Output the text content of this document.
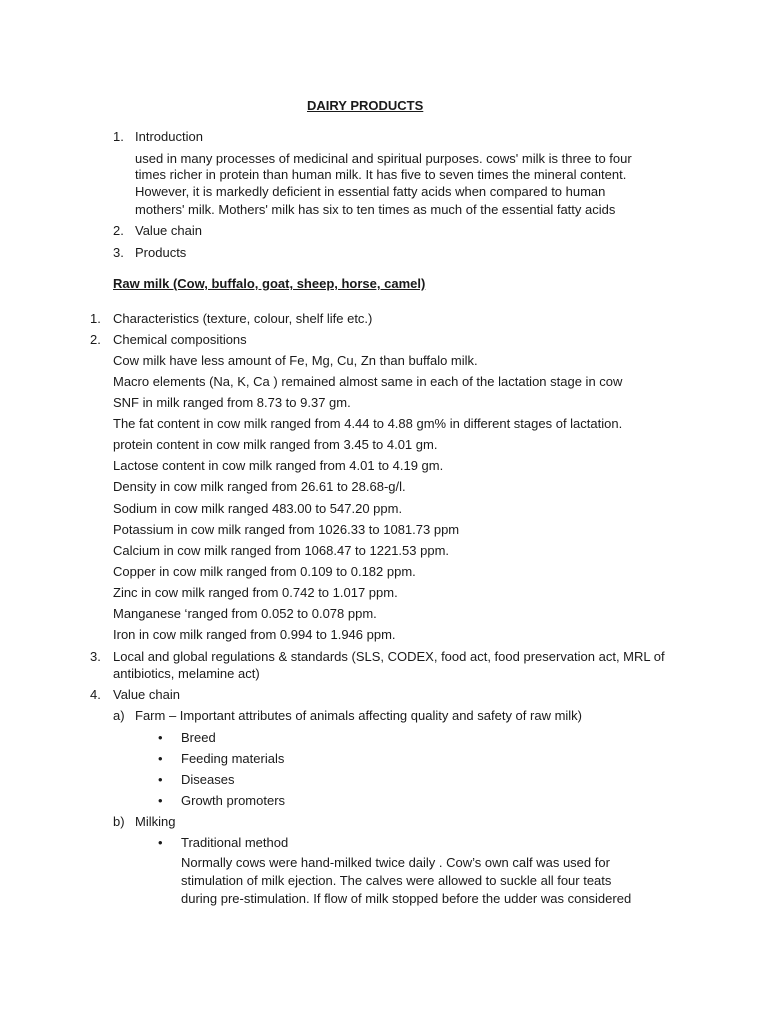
DAIRY PRODUCTS
1. Introduction
used in many processes of medicinal and spiritual purposes. cows' milk is three to four
times richer in protein than human milk. It has five to seven times the mineral content.
However, it is markedly deficient in essential fatty acids when compared to human
mothers' milk. Mothers' milk has six to ten times as much of the essential fatty acids
2. Value chain
3. Products
Raw milk (Cow, buffalo, goat, sheep, horse, camel)
1. Characteristics (texture, colour, shelf life etc.)
2. Chemical compositions
Cow milk have less amount of Fe, Mg, Cu, Zn than buffalo milk.
Macro elements (Na, K, Ca ) remained almost same in each of the lactation stage in cow
SNF in milk ranged from 8.73 to 9.37 gm.
The fat content in cow milk ranged from 4.44 to 4.88 gm% in different stages of lactation.
protein content in cow milk ranged from 3.45 to 4.01 gm.
Lactose content in cow milk ranged from 4.01 to 4.19 gm.
Density in cow milk ranged from 26.61 to 28.68-g/l.
Sodium in cow milk ranged 483.00 to 547.20 ppm.
Potassium in cow milk ranged from 1026.33 to 1081.73 ppm
Calcium in cow milk ranged from 1068.47 to 1221.53 ppm.
Copper in cow milk ranged from 0.109 to 0.182 ppm.
Zinc in cow milk ranged from 0.742 to 1.017 ppm.
Manganese ‘ranged from 0.052 to 0.078 ppm.
Iron in cow milk ranged from 0.994 to 1.946 ppm.
3. Local and global regulations & standards (SLS, CODEX, food act, food preservation act, MRL of
antibiotics, melamine act)
4. Value chain
a) Farm – Important attributes of animals affecting quality and safety of raw milk)
• Breed
• Feeding materials
• Diseases
• Growth promoters
b) Milking
• Traditional method
Normally cows were hand-milked twice daily . Cow’s own calf was used for
stimulation of milk ejection. The calves were allowed to suckle all four teats
during pre-stimulation. If flow of milk stopped before the udder was considered
